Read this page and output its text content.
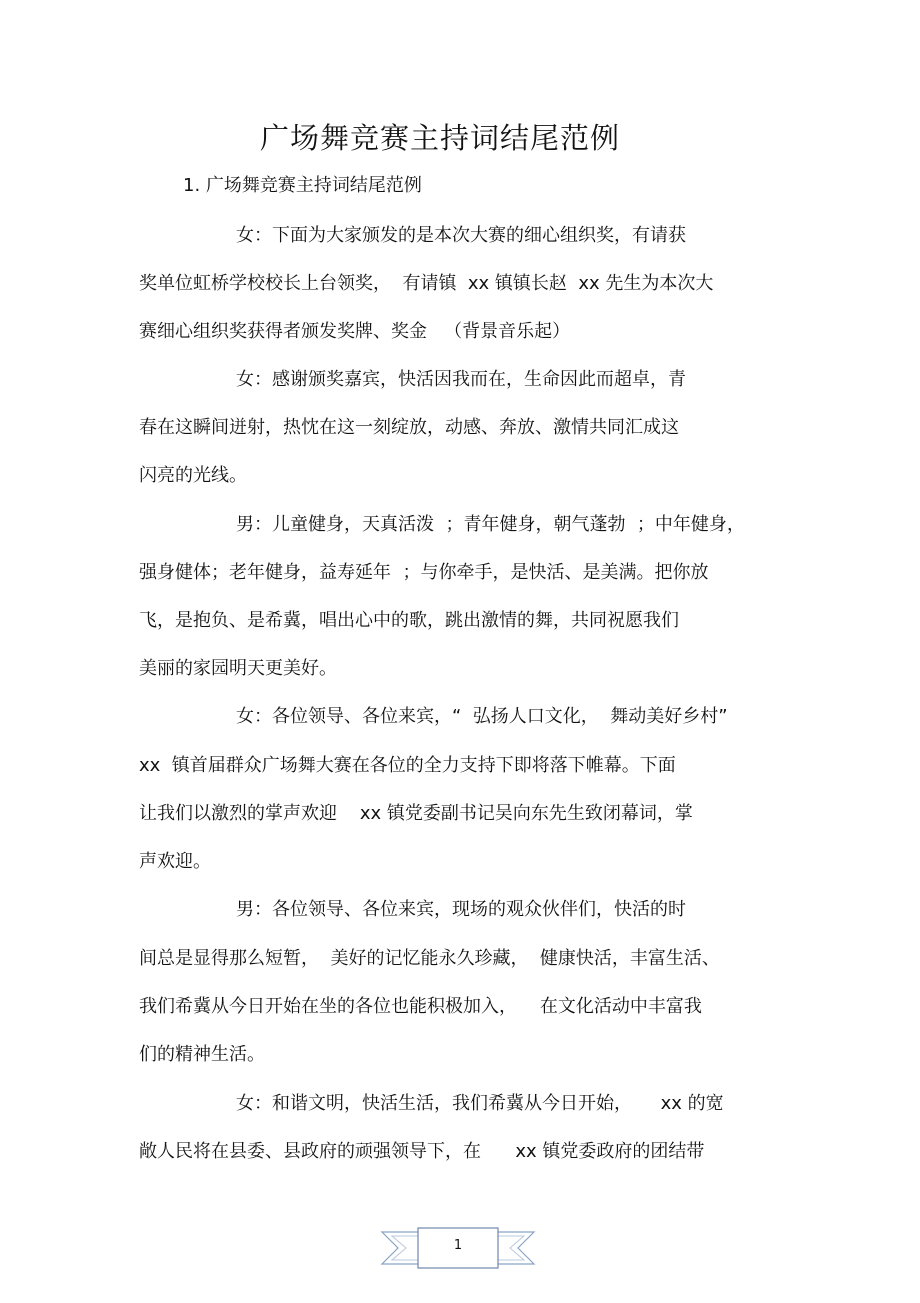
广场舞竞赛主持词结尾范例
1. 广场舞竞赛主持词结尾范例
女：下面为大家颁发的是本次大赛的细心组织奖，有请获
奖单位虹桥学校校长上台领奖，  有请镇  xx 镇镇长赵  xx 先生为本次大
赛细心组织奖获得者颁发奖牌、奖金   （背景音乐起）
女：感谢颁奖嘉宾，快活因我而在，生命因此而超卓，青
春在这瞬间迸射，热忱在这一刻绽放，动感、奔放、激情共同汇成这
闪亮的光线。
男：儿童健身，天真活泼  ；青年健身，朝气蓬勃  ；中年健身，
强身健体；老年健身，益寿延年  ；与你牵手，是快活、是美满。把你放
飞，是抱负、是希冀，唱出心中的歌，跳出激情的舞，共同祝愿我们
美丽的家园明天更美好。
女：各位领导、各位来宾，“  弘扬人口文化，  舞动美好乡村”
xx  镇首届群众广场舞大赛在各位的全力支持下即将落下帷幕。下面
让我们以激烈的掌声欢迎    xx 镇党委副书记吴向东先生致闭幕词，掌
声欢迎。
男：各位领导、各位来宾，现场的观众伙伴们，快活的时
间总是显得那么短暂，  美好的记忆能永久珍藏，  健康快活，丰富生活、
我们希冀从今日开始在坐的各位也能积极加入，    在文化活动中丰富我
们的精神生活。
女：和谐文明，快活生活，我们希冀从今日开始，     xx 的宽
敞人民将在县委、县政府的顽强领导下，在      xx 镇党委政府的团结带
1
